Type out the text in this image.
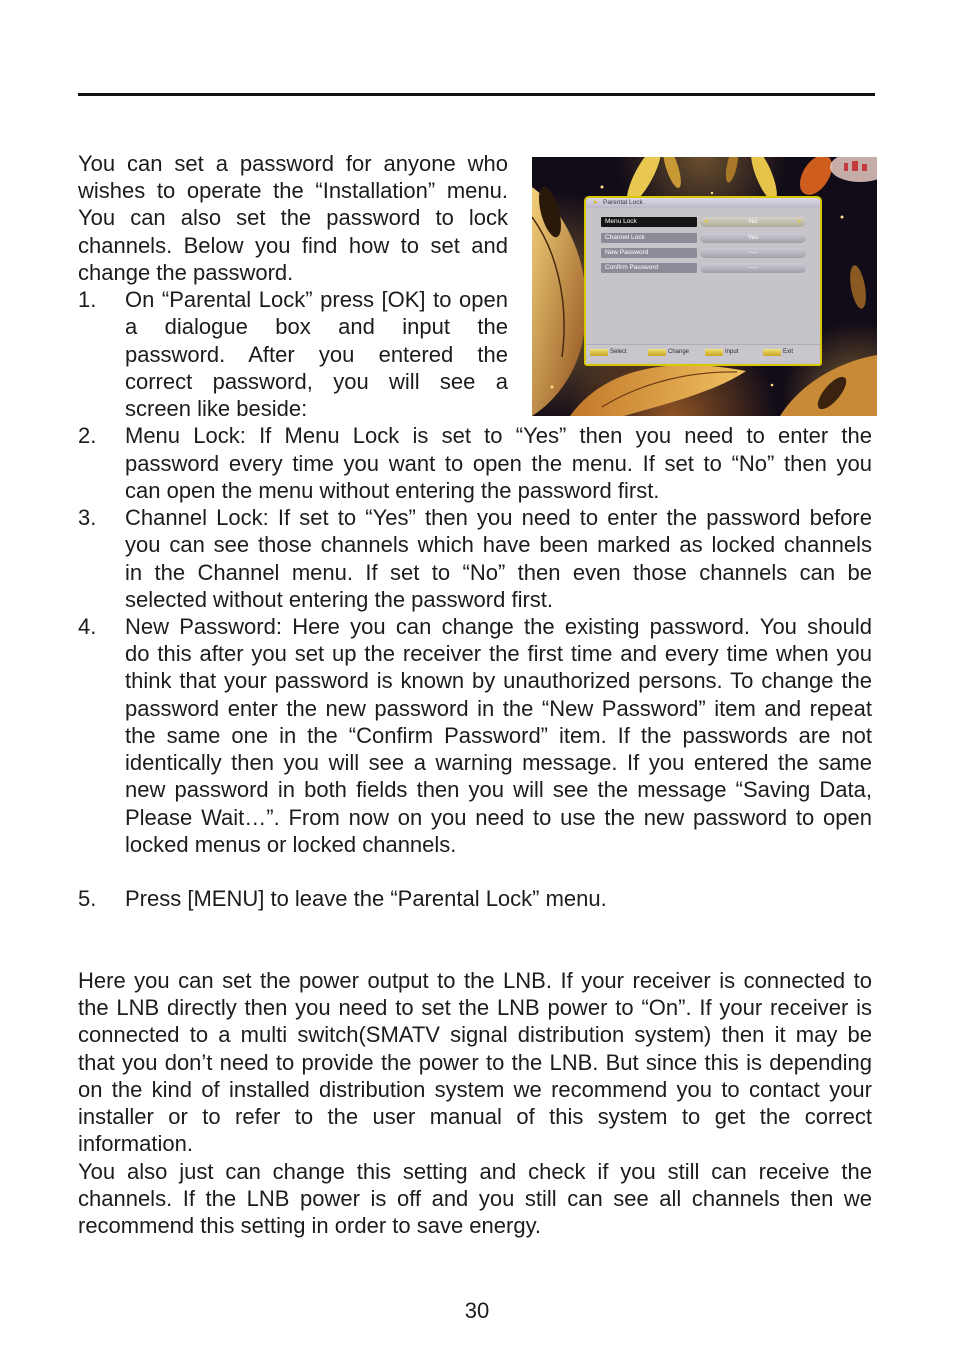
▸ Parental Lock
Menu Lock	◂	No	▸
Channel Lock	Yes
New Password	----
Confirm Password	----
Select	Change	Input	Exit
You can set a password for anyone who
wishes to operate the “Installation” menu.
You can also set the password to lock
channels. Below you find how to set and
change the password.
1.	On “Parental Lock” press [OK] to open
a dialogue box and input the
password. After you entered the
correct password, you will see a
screen like beside:
2.	Menu Lock: If Menu Lock is set to “Yes” then you need to enter the
password every time you want to open the menu. If set to “No” then you
can open the menu without entering the password first.
3.	Channel Lock: If set to “Yes” then you need to enter the password before
you can see those channels which have been marked as locked channels
in the Channel menu. If set to “No” then even those channels can be
selected without entering the password first.
4.	New Password: Here you can change the existing password. You should
do this after you set up the receiver the first time and every time when you
think that your password is known by unauthorized persons. To change the
password enter the new password in the “New Password” item and repeat
the same one in the “Confirm Password” item. If the passwords are not
identically then you will see a warning message. If you entered the same
new password in both fields then you will see the message “Saving Data,
Please Wait…”. From now on you need to use the new password to open
locked menus or locked channels.
5.	Press [MENU] to leave the “Parental Lock” menu.
Here you can set the power output to the LNB. If your receiver is connected to
the LNB directly then you need to set the LNB power to “On”. If your receiver is
connected to a multi switch(SMATV signal distribution system) then it may be
that you don’t need to provide the power to the LNB. But since this is depending
on the kind of installed distribution system we recommend you to contact your
installer or to refer to the user manual of this system to get the correct
information.
You also just can change this setting and check if you still can receive the
channels. If the LNB power is off and you still can see all channels then we
recommend this setting in order to save energy.
30
